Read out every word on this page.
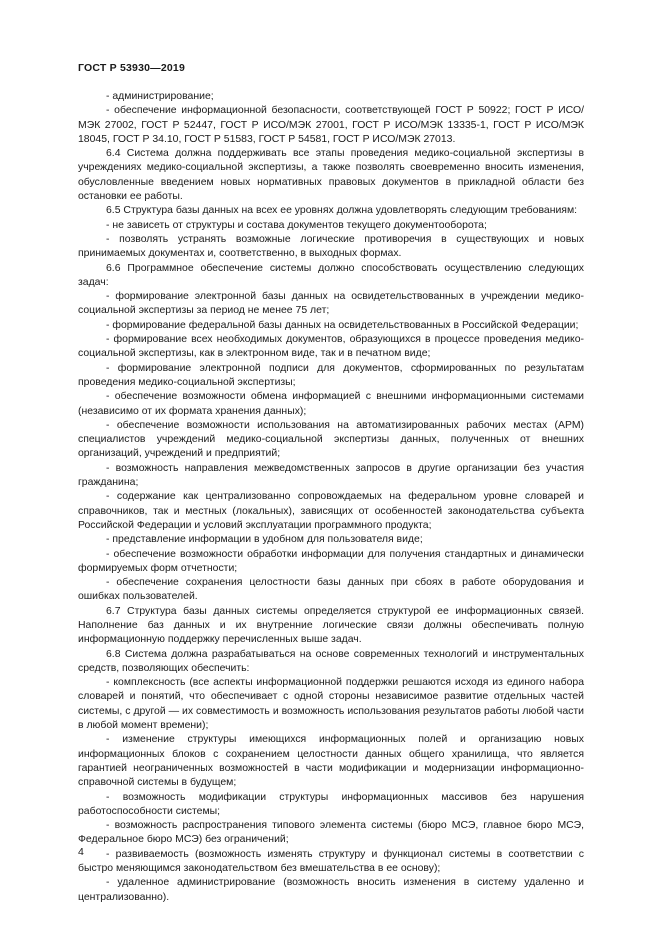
ГОСТ Р 53930—2019

- администрирование;

- обеспечение информационной безопасности, соответствующей ГОСТ Р 50922; ГОСТ Р ИСО/МЭК 27002, ГОСТ Р 52447, ГОСТ Р ИСО/МЭК 27001, ГОСТ Р ИСО/МЭК 13335-1, ГОСТ Р ИСО/МЭК 18045, ГОСТ Р 34.10, ГОСТ Р 51583, ГОСТ Р 54581, ГОСТ Р ИСО/МЭК 27013.

6.4 Система должна поддерживать все этапы проведения медико-социальной экспертизы в учреждениях медико-социальной экспертизы, а также позволять своевременно вносить изменения, обусловленные введением новых нормативных правовых документов в прикладной области без остановки ее работы.

6.5 Структура базы данных на всех ее уровнях должна удовлетворять следующим требованиям:

- не зависеть от структуры и состава документов текущего документооборота;

- позволять устранять возможные логические противоречия в существующих и новых принимаемых документах и, соответственно, в выходных формах.

6.6 Программное обеспечение системы должно способствовать осуществлению следующих задач:

- формирование электронной базы данных на освидетельствованных в учреждении медико-социальной экспертизы за период не менее 75 лет;

- формирование федеральной базы данных на освидетельствованных в Российской Федерации;

- формирование всех необходимых документов, образующихся в процессе проведения медико-социальной экспертизы, как в электронном виде, так и в печатном виде;

- формирование электронной подписи для документов, сформированных по результатам проведения медико-социальной экспертизы;

- обеспечение возможности обмена информацией с внешними информационными системами (независимо от их формата хранения данных);

- обеспечение возможности использования на автоматизированных рабочих местах (АРМ) специалистов учреждений медико-социальной экспертизы данных, полученных от внешних организаций, учреждений и предприятий;

- возможность направления межведомственных запросов в другие организации без участия гражданина;

- содержание как централизованно сопровождаемых на федеральном уровне словарей и справочников, так и местных (локальных), зависящих от особенностей законодательства субъекта Российской Федерации и условий эксплуатации программного продукта;

- представление информации в удобном для пользователя виде;

- обеспечение возможности обработки информации для получения стандартных и динамически формируемых форм отчетности;

- обеспечение сохранения целостности базы данных при сбоях в работе оборудования и ошибках пользователей.

6.7 Структура базы данных системы определяется структурой ее информационных связей. Наполнение баз данных и их внутренние логические связи должны обеспечивать полную информационную поддержку перечисленных выше задач.

6.8 Система должна разрабатываться на основе современных технологий и инструментальных средств, позволяющих обеспечить:

- комплексность (все аспекты информационной поддержки решаются исходя из единого набора словарей и понятий, что обеспечивает с одной стороны независимое развитие отдельных частей системы, с другой — их совместимость и возможность использования результатов работы любой части в любой момент времени);

- изменение структуры имеющихся информационных полей и организацию новых информационных блоков с сохранением целостности данных общего хранилища, что является гарантией неограниченных возможностей в части модификации и модернизации информационно-справочной системы в будущем;

- возможность модификации структуры информационных массивов без нарушения работоспособности системы;

- возможность распространения типового элемента системы (бюро МСЭ, главное бюро МСЭ, Федеральное бюро МСЭ) без ограничений;

- развиваемость (возможность изменять структуру и функционал системы в соответствии с быстро меняющимся законодательством без вмешательства в ее основу);

- удаленное администрирование (возможность вносить изменения в систему удаленно и централизованно).

4
